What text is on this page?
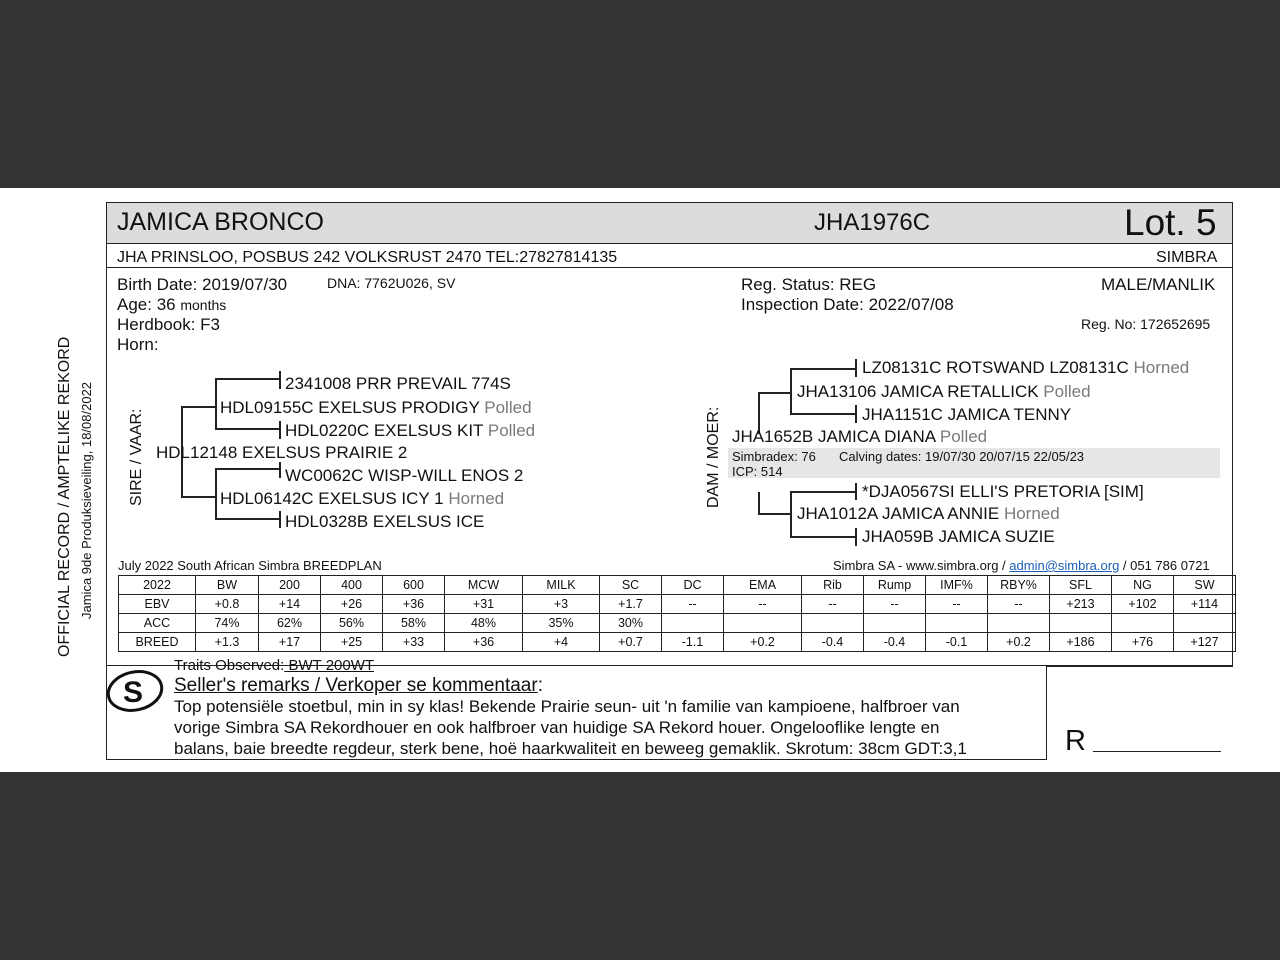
JAMICA BRONCO	JHA1976C	Lot. 5
JHA PRINSLOO, POSBUS 242 VOLKSRUST 2470 TEL:27827814135	SIMBRA
Birth Date: 2019/07/30	DNA: 7762U026, SV
Age: 36 months
Herdbook: F3
Horn:
Reg. Status: REG
Inspection Date: 2022/07/08
MALE/MANLIK
Reg. No: 172652695
OFFICIAL RECORD / AMPTELIKE REKORD Jamica 9de Produksieveiling, 18/08/2022 SIRE / VAAR:
2341008 PRR PREVAIL 774S
HDL09155C EXELSUS PRODIGY Polled
HDL0220C EXELSUS KIT Polled
HDL12148 EXELSUS PRAIRIE 2
WC0062C WISP-WILL ENOS 2
HDL06142C EXELSUS ICY 1 Horned
HDL0328B EXELSUS ICE
DAM / MOER:
LZ08131C ROTSWAND LZ08131C Horned
JHA13106 JAMICA RETALLICK Polled
JHA1151C JAMICA TENNY
JHA1652B JAMICA DIANA Polled
Simbradex: 76 Calving dates: 19/07/30 20/07/15 22/05/23
ICP: 514
*DJA0567SI ELLI'S PRETORIA [SIM]
JHA1012A JAMICA ANNIE Horned
JHA059B JAMICA SUZIE
July 2022 South African Simbra BREEDPLAN	Simbra SA - www.simbra.org / admin@simbra.org / 051 786 0721
2022	BW	200	400	600	MCW	MILK	SC	DC	EMA	Rib	Rump	IMF%	RBY%	SFL	NG	SW
EBV	+0.8	+14	+26	+36	+31	+3	+1.7	--	--	--	--	--	--	+213	+102	+114
ACC	74%	62%	56%	58%	48%	35%	30%									
BREED	+1.3	+17	+25	+33	+36	+4	+0.7	-1.1	+0.2	-0.4	-0.4	-0.1	+0.2	+186	+76	+127
S
Traits Observed: BWT 200WT
Seller's remarks / Verkoper se kommentaar:
Top potensiële stoetbul, min in sy klas! Bekende Prairie seun- uit 'n familie van kampioene, halfbroer van
vorige Simbra SA Rekordhouer en ook halfbroer van huidige SA Rekord houer. Ongelooflike lengte en
balans, baie breedte regdeur, sterk bene, hoë haarkwaliteit en beweeg gemaklik. Skrotum: 38cm GDT:3,1	R
